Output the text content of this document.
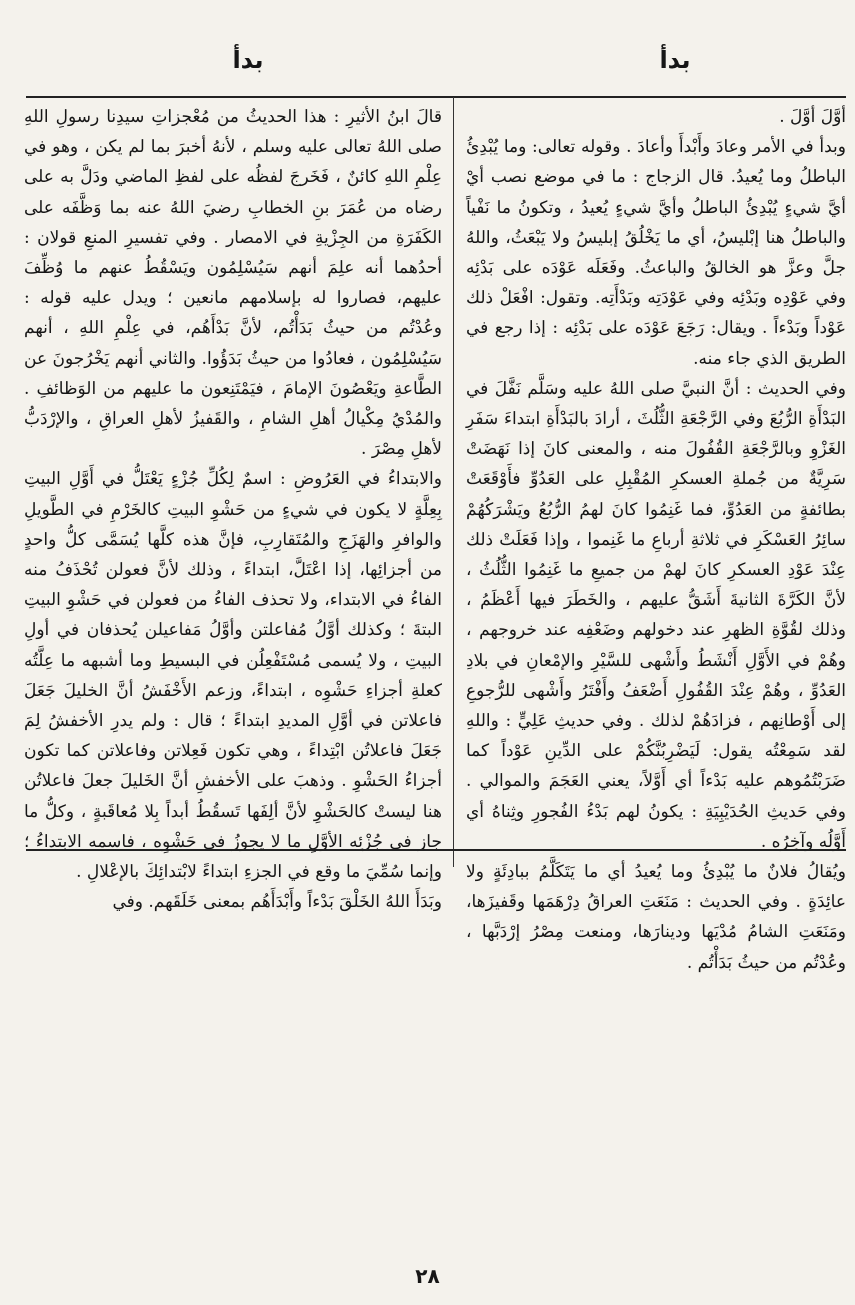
بدأ
بدأ

أوَّلَ أوَّلَ .

وبدأ في الأمر وعادَ وأَبْدأَ وأعادَ . وقوله تعالى: وما يُبْدِئُ الباطلُ وما يُعيدُ. قال الزجاج : ما في موضع نصب أيْ أيَّ شيءٍ يُبْدِئُ الباطلُ وأيَّ شيءٍ يُعيدُ ، وتكونُ ما نَفْياً والباطلُ هنا إبْليسُ، أي ما يَخْلُقُ إبليسُ ولا يَبْعَثُ، واللهُ جلَّ وعزَّ هو الخالقُ والباعثُ. وفَعَلَه عَوْدَه على بَدْئِه وفي عَوْدِه وبَدْئِه وفي عَوْدَتِه وبَدْأَتِه. وتقول: افْعَلْ ذلك عَوْداً وبَدْءاً . ويقال: رَجَعَ عَوْدَه على بَدْئِه : إذا رجع في الطريق الذي جاء منه.

وفي الحديث : أنَّ النبيَّ صلى اللهُ عليه وسَلَّم نَفَّلَ في البَدْأَةِ الرُّبُعَ وفي الرَّجْعَةِ الثُّلُثَ ، أرادَ بالبَدْأَةِ ابتداءَ سَفَرِ الغَزْوِ وبالرَّجْعَةِ القُفُولَ منه ، والمعنى كانَ إذا نَهَضَتْ سَرِيَّةٌ من جُملةِ العسكرِ المُقْبِلِ على العَدُوِّ فأَوْقَعَتْ بطائفةٍ من العَدُوِّ، فما غَنِمُوا كانَ لهمُ الرُّبُعُ ويَشْرَكُهُمْ سائِرُ العَسْكَرِ في ثلاثةِ أرباعِ ما غَنِموا ، وإذا فَعَلَتْ ذلك عِنْدَ عَوْدِ العسكرِ كانَ لهمْ من جميعِ ما غَنِمُوا الثُّلُثُ ، لأنَّ الكَرَّةَ الثانيةَ أَشَقُّ عليهم ، والخَطَرَ فيها أَعْظَمُ ، وذلك لقُوَّةِ الظهرِ عند دخولهم وضَعْفِه عند خروجهم ، وهُمْ في الأَوَّلِ أَنْشَطُ وأَشْهى للسَّيْرِ والإمْعانِ في بلادِ العَدُوِّ ، وهُمْ عِنْدَ القُفُولِ أَضْعَفُ وأَفْتَرُ وأَشْهى للرُّجوعِ إلى أَوْطانِهم ، فزادَهُمْ لذلك . وفي حديثِ عَلِيٍّ : واللهِ لقد سَمِعْتُه يقول: لَيَضْرِبُنَّكُمْ على الدِّينِ عَوْداً كما ضَرَبْتُمُوهم عليه بَدْءاً أي أَوَّلاً، يعني العَجَمَ والموالي . وفي حَديثِ الحُدَيْبِيَةِ : يكونُ لهم بَدْءُ الفُجورِ وثِناهُ أي أَوَّلُه وآخِرُه .

ويُقالُ فلانٌ ما يُبْدِئُ وما يُعيدُ أي ما يَتَكَلَّمُ ببادِئَةٍ ولا عائِدَةٍ . وفي الحديث : مَنَعَتِ العراقُ دِرْهَمَها وقَفيزَها، ومَنَعَتِ الشامُ مُدْيَها ودينارَها، ومنعت مِصْرُ إرْدَبَّها ، وعُدْتُم من حيثُ بَدَأْتُم .

قالَ ابنُ الأثيرِ : هذا الحديثُ من مُعْجزاتِ سيدِنا رسولِ اللهِ صلى اللهُ تعالى عليه وسلم ، لأنهُ أخبرَ بما لم يكن ، وهو في عِلْمِ اللهِ كائنٌ ، فَخَرجَ لفظُه على لفظِ الماضي ودَلَّ به على رضاه من عُمَرَ بنِ الخطابِ رضيَ اللهُ عنه بما وَظَّفَه على الكَفَرَةِ من الجِزْيةِ في الامصار . وفي تفسيرِ المنعِ قولان : أحدُهما أنه علِمَ أنهم سَيُسْلِمُون ويَسْقُطُ عنهم ما وُظِّفَ عليهم، فصاروا له بإسلامهم مانعين ؛ ويدل عليه قوله : وعُدْتُم من حيثُ بَدَأْتُم، لأنَّ بَدْأَهُم، في عِلْمِ اللهِ ، أنهم سَيُسْلِمُون ، فعادُوا من حيثُ بَدَؤُوا. والثاني أنهم يَخْرُجونَ عن الطَّاعةِ ويَعْصُونَ الإمامَ ، فيَمْتَنِعون ما عليهم من الوَظائفِ . والمُدْيُ مِكْيالُ أهلِ الشامِ ، والقَفيزُ لأهلِ العراقِ ، والإرْدَبُّ لأهلِ مِصْرَ .

والابتداءُ في العَرُوضِ : اسمٌ لِكُلِّ جُزْءٍ يَعْتَلُّ في أَوَّلِ البيتِ بِعِلَّةٍ لا يكون في شيءٍ من حَشْوِ البيتِ كالخَرْمِ في الطَّويلِ والوافرِ والهَزَجِ والمُتَقارِبِ، فإنَّ هذه كلَّها يُسَمَّى كلُّ واحدٍ من أجزائِها، إذا اعْتَلَّ، ابتداءً ، وذلك لأنَّ فعولن تُحْذَفُ منه الفاءُ في الابتداء، ولا تحذف الفاءُ من فعولن في حَشْوِ البيتِ البتةَ ؛ وكذلك أوَّلُ مُفاعلتن وأوَّلُ مَفاعيلن يُحذفان في أولِ البيتِ ، ولا يُسمى مُسْتَفْعِلُن في البسيطِ وما أشبهه ما عِلَّتُه كعلةِ أجزاءِ حَشْوِه ، ابتداءً، وزعم الأَخْفَشُ أنَّ الخليلَ جَعَلَ فاعلاتن في أوَّلِ المديدِ ابتداءً ؛ قال : ولم يدرِ الأخفشُ لِمَ جَعَلَ فاعلاتُن ابْتِداءً ، وهي تكون فَعِلاتن وفاعلاتن كما تكون أجزاءُ الحَشْوِ . وذهبَ على الأخفشِ أنَّ الخَليلَ جعلَ فاعلاتُن هنا ليستْ كالحَشْوِ لأنَّ ألِفَها تَسقُطُ أبداً بِلا مُعاقَبةٍ ، وكلُّ ما جاز في جُزْئِه الأوَّلِ ما لا يجوزُ في حَشْوِه ، فاسمه الابتداءُ ؛ وإنما سُمِّيَ ما وقع في الجزءِ ابتداءً لابْتدائِكَ بالإعْلالِ .

وبَدَأَ اللهُ الخَلْقَ بَدْءاً وأَبْدَأَهُم بمعنى خَلَقَهم. وفي

٢٨
